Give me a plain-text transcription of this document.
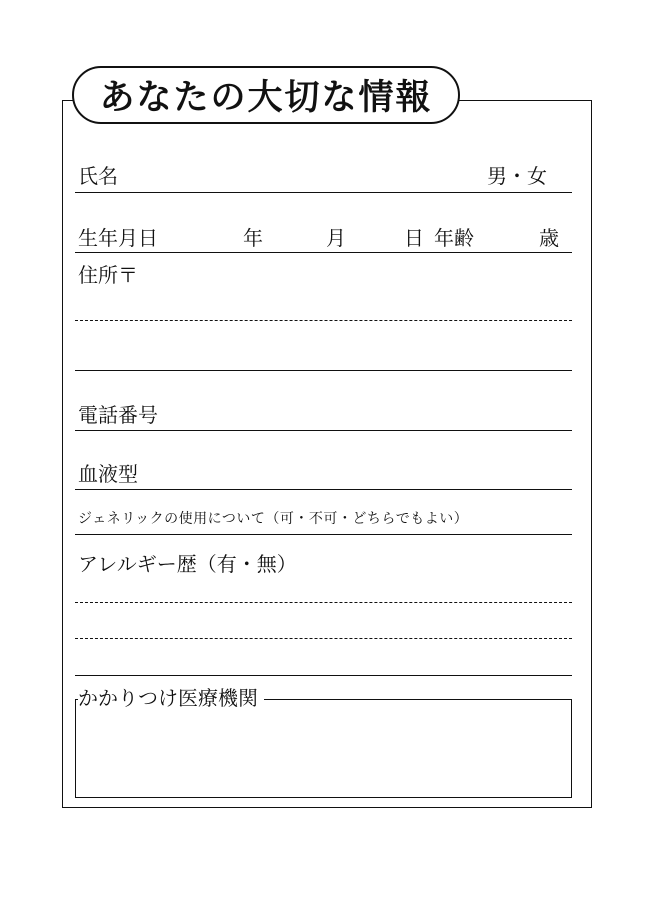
あなたの大切な情報
氏名	男・女
生年月日	年	月	日 年齢	歳
住所〒
電話番号
血液型
ジェネリックの使用について（可・不可・どちらでもよい）
アレルギー歴（有・無）
かかりつけ医療機関
